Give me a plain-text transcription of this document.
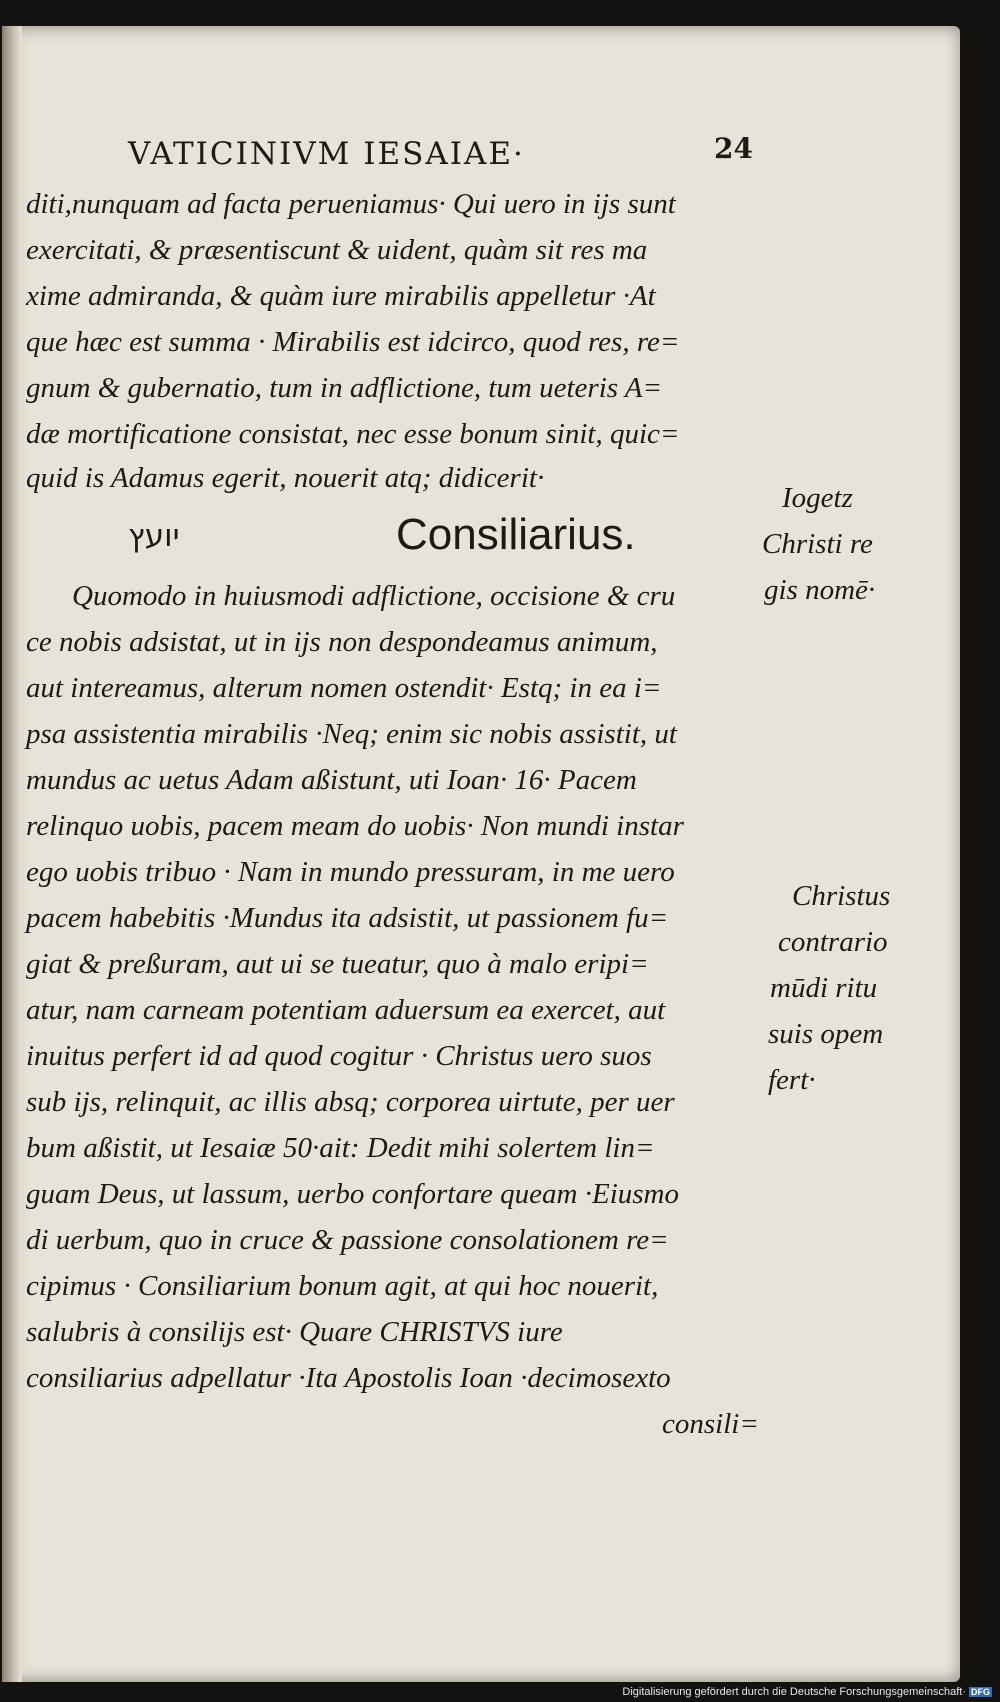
VATICINIVM IESAIAE·	24
diti,nunquam ad facta perueniamus· Qui uero in ijs sunt
exercitati, & præsentiscunt & uident, quàm sit res ma
xime admiranda, & quàm iure mirabilis appelletur ·At
que hæc est summa · Mirabilis est idcirco, quod res, re=
gnum & gubernatio, tum in adflictione, tum ueteris A=
dæ mortificatione consistat, nec esse bonum sinit, quic=
quid is Adamus egerit, nouerit atq; didicerit·
יועץ	Consiliarius.
Quomodo in huiusmodi adflictione, occisione & cru
ce nobis adsistat, ut in ijs non despondeamus animum,
aut intereamus, alterum nomen ostendit· Estq; in ea i=
psa assistentia mirabilis ·Neq; enim sic nobis assistit, ut
mundus ac uetus Adam aßistunt, uti Ioan· 16· Pacem
relinquo uobis, pacem meam do uobis· Non mundi instar
ego uobis tribuo · Nam in mundo pressuram, in me uero
pacem habebitis ·Mundus ita adsistit, ut passionem fu=
giat & preßuram, aut ui se tueatur, quo à malo eripi=
atur, nam carneam potentiam aduersum ea exercet, aut
inuitus perfert id ad quod cogitur · Christus uero suos
sub ijs, relinquit, ac illis absq; corporea uirtute, per uer
bum aßistit, ut Iesaiæ 50·ait: Dedit mihi solertem lin=
guam Deus, ut lassum, uerbo confortare queam ·Eiusmo
di uerbum, quo in cruce & passione consolationem re=
cipimus · Consiliarium bonum agit, at qui hoc nouerit,
salubris à consilijs est· Quare CHRISTVS iure
consiliarius adpellatur ·Ita Apostolis Ioan ·decimosexto
consili=
Iogetz
Christi re
gis nomē·
Christus
contrario
mūdi ritu
suis opem
fert·
Digitalisierung gefördert durch die Deutsche Forschungsgemeinschaft· DFG
